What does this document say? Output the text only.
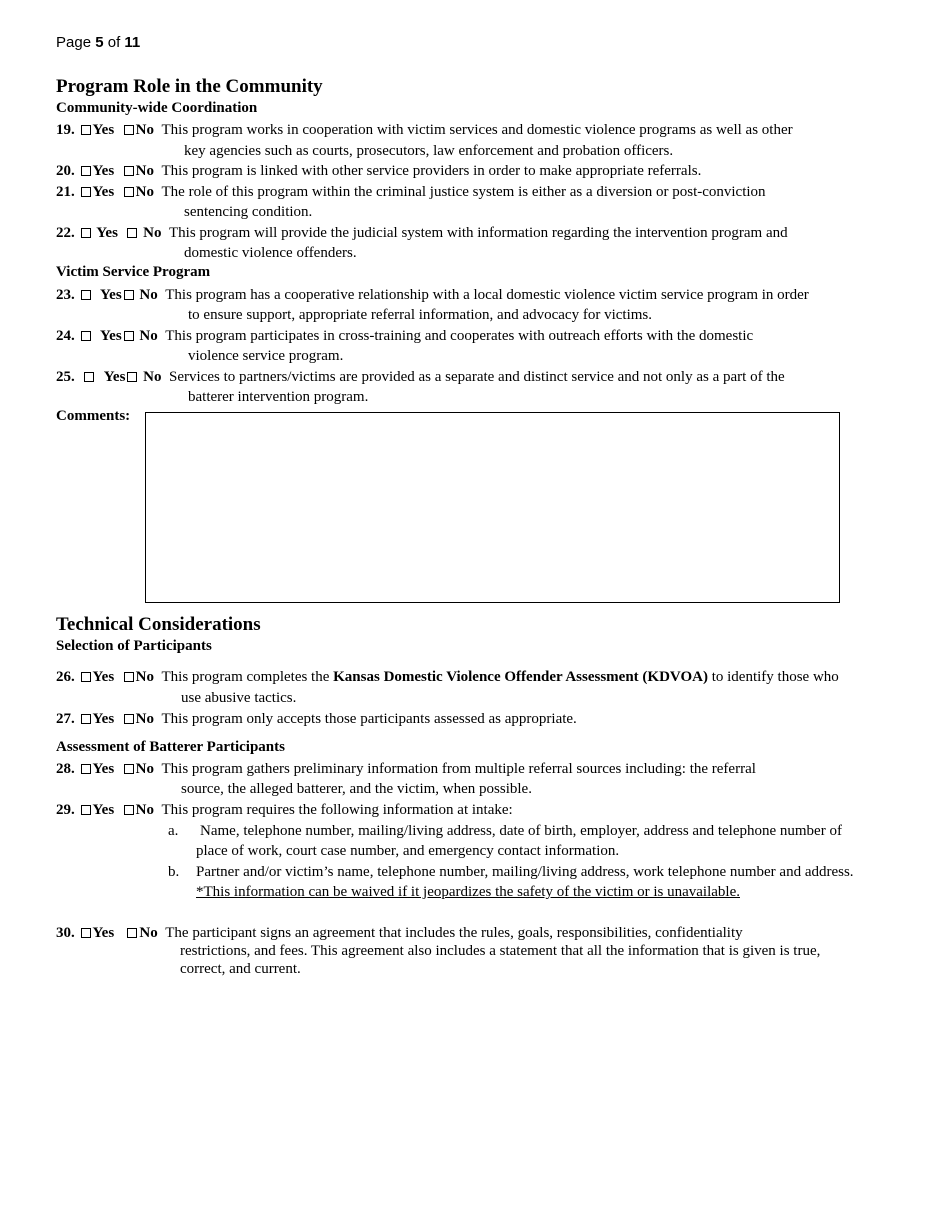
Page 5 of 11
Program Role in the Community
Community-wide Coordination
19. Yes No This program works in cooperation with victim services and domestic violence programs as well as other
key agencies such as courts, prosecutors, law enforcement and probation officers.
20. Yes No This program is linked with other service providers in order to make appropriate referrals.
21. Yes No The role of this program within the criminal justice system is either as a diversion or post-conviction
sentencing condition.
22. Yes No This program will provide the judicial system with information regarding the intervention program and
domestic violence offenders.
Victim Service Program
23. Yes No This program has a cooperative relationship with a local domestic violence victim service program in order
to ensure support, appropriate referral information, and advocacy for victims.
24. Yes No This program participates in cross-training and cooperates with outreach efforts with the domestic
violence service program.
25. Yes No Services to partners/victims are provided as a separate and distinct service and not only as a part of the
batterer intervention program.
Comments:
Technical Considerations
Selection of Participants
26. Yes No This program completes the Kansas Domestic Violence Offender Assessment (KDVOA) to identify those who
use abusive tactics.
27. Yes No This program only accepts those participants assessed as appropriate.
Assessment of Batterer Participants
28. Yes No This program gathers preliminary information from multiple referral sources including: the referral
source, the alleged batterer, and the victim, when possible.
29. Yes No This program requires the following information at intake:
a. Name, telephone number, mailing/living address, date of birth, employer, address and telephone number of
place of work, court case number, and emergency contact information.
b. Partner and/or victim’s name, telephone number, mailing/living address, work telephone number and address.
*This information can be waived if it jeopardizes the safety of the victim or is unavailable.
30. Yes No The participant signs an agreement that includes the rules, goals, responsibilities, confidentiality
restrictions, and fees. This agreement also includes a statement that all the information that is given is true,
correct, and current.
